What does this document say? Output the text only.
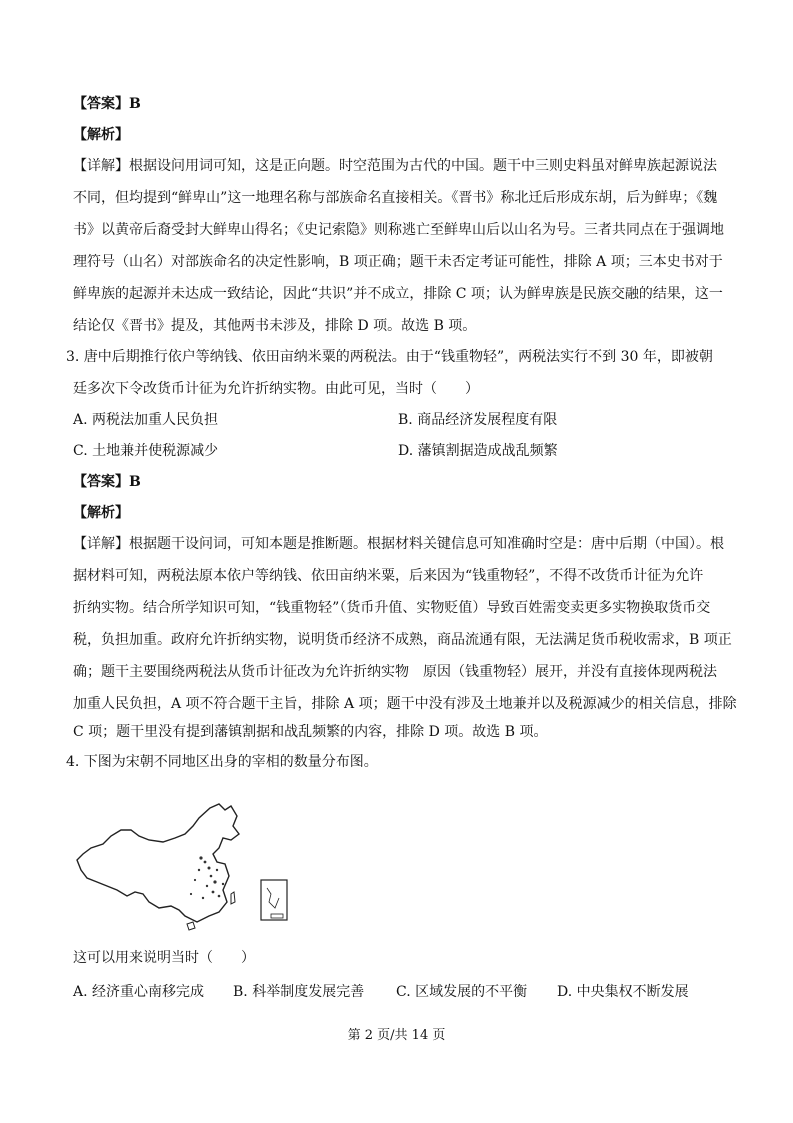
【答案】B
【解析】
【详解】根据设问用词可知，这是正向题。时空范围为古代的中国。题干中三则史料虽对鲜卑族起源说法
不同，但均提到“鲜卑山”这一地理名称与部族命名直接相关。《晋书》称北迁后形成东胡，后为鲜卑；《魏
书》以黄帝后裔受封大鲜卑山得名；《史记索隐》则称逃亡至鲜卑山后以山名为号。三者共同点在于强调地
理符号（山名）对部族命名的决定性影响，B 项正确；题干未否定考证可能性，排除 A 项；三本史书对于
鲜卑族的起源并未达成一致结论，因此“共识”并不成立，排除 C 项；认为鲜卑族是民族交融的结果，这一
结论仅《晋书》提及，其他两书未涉及，排除 D 项。故选 B 项。
3. 唐中后期推行依户等纳钱、依田亩纳米粟的两税法。由于“钱重物轻”，两税法实行不到 30 年，即被朝
廷多次下令改货币计征为允许折纳实物。由此可见，当时（　　）
A. 两税法加重人民负担	B. 商品经济发展程度有限
C. 土地兼并使税源减少	D. 藩镇割据造成战乱频繁
【答案】B
【解析】
【详解】根据题干设问词，可知本题是推断题。根据材料关键信息可知准确时空是：唐中后期（中国）。根
据材料可知，两税法原本依户等纳钱、依田亩纳米粟，后来因为“钱重物轻”，不得不改货币计征为允许
折纳实物。结合所学知识可知，“钱重物轻”（货币升值、实物贬值）导致百姓需变卖更多实物换取货币交
税，负担加重。政府允许折纳实物，说明货币经济不成熟，商品流通有限，无法满足货币税收需求，B 项正
确；题干主要围绕两税法从货币计征改为允许折纳实物　原因（钱重物轻）展开，并没有直接体现两税法
加重人民负担，A 项不符合题干主旨，排除 A 项；题干中没有涉及土地兼并以及税源减少的相关信息，排除
C 项；题干里没有提到藩镇割据和战乱频繁的内容，排除 D 项。故选 B 项。
4. 下图为宋朝不同地区出身的宰相的数量分布图。
这可以用来说明当时（　　）
A. 经济重心南移完成 B. 科举制度发展完善 C. 区域发展的不平衡 D. 中央集权不断发展
第 2 页/共 14 页
